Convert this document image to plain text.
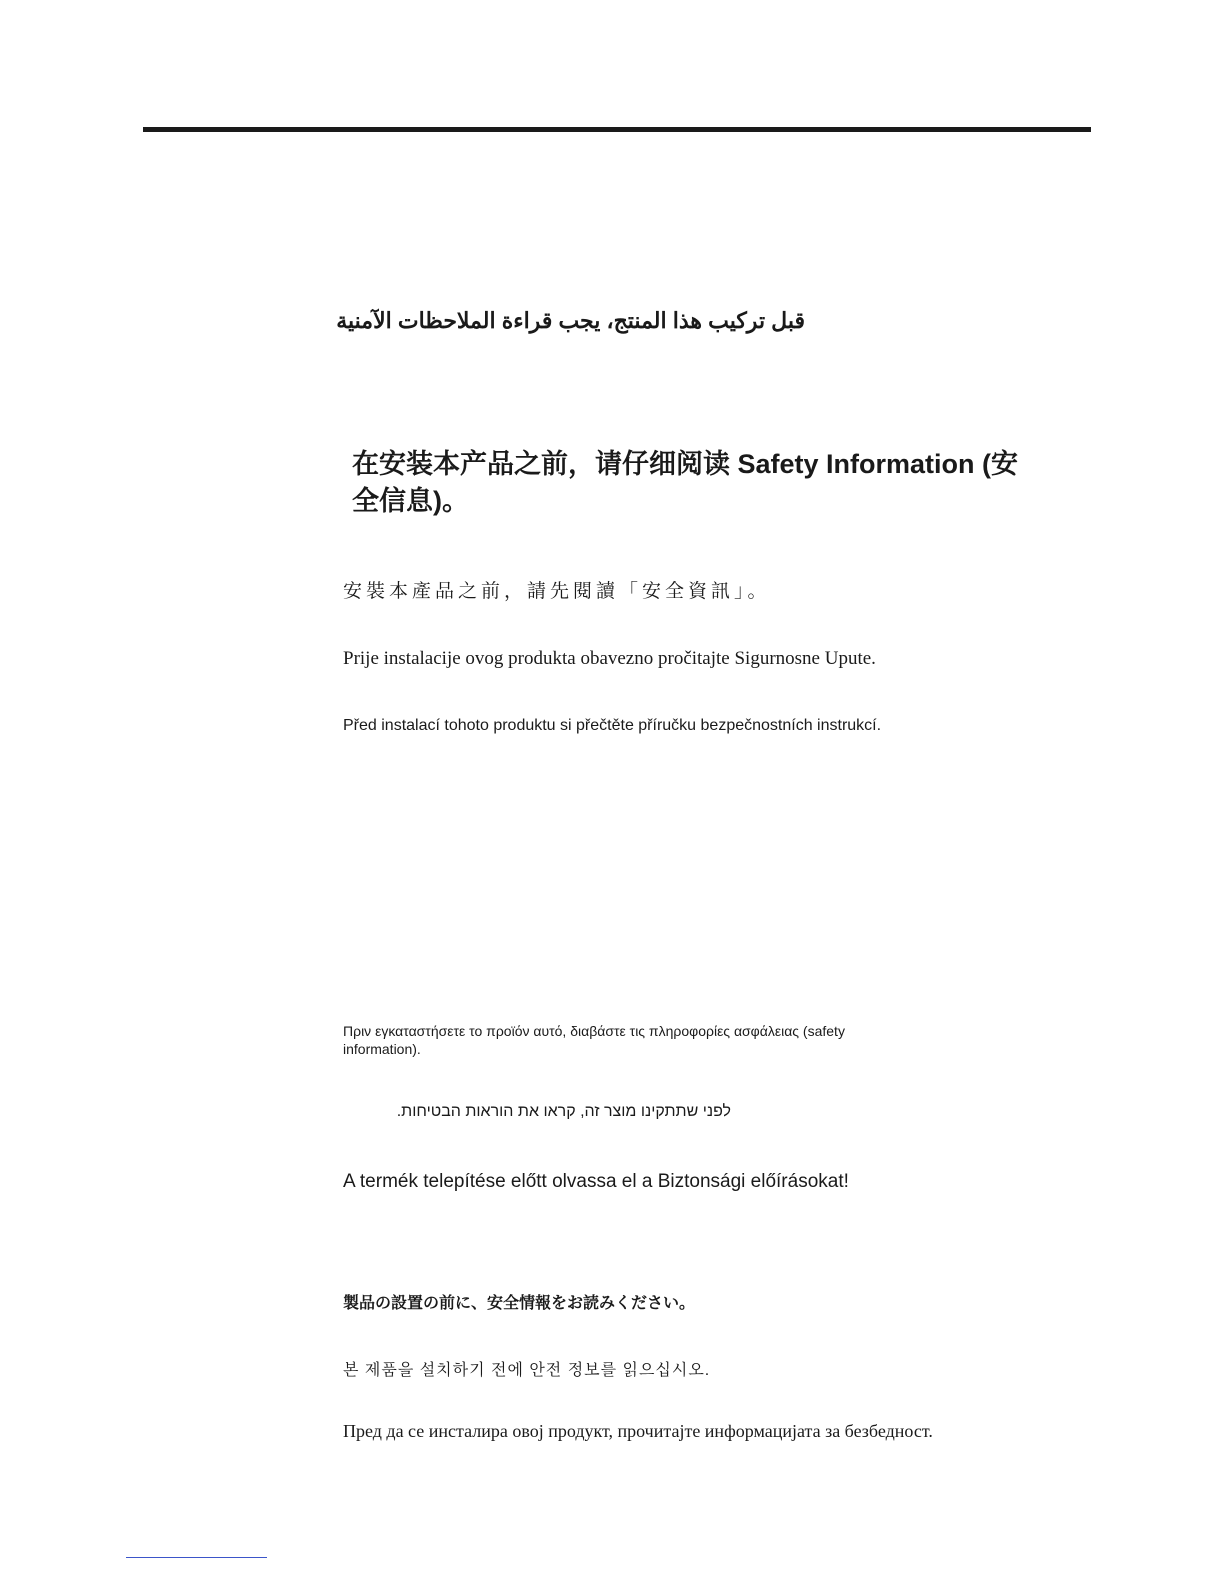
قبل تركيب هذا المنتج، يجب قراءة الملاحظات الآمنية

在安装本产品之前，请仔细阅读 Safety Information (安全信息)。

安裝本產品之前，請先閱讀「安全資訊」。

Prije instalacije ovog produkta obavezno pročitajte Sigurnosne Upute.

Před instalací tohoto produktu si přečtěte příručku bezpečnostních instrukcí.

Πριν εγκαταστήσετε το προϊόν αυτό, διαβάστε τις πληροφορίες ασφάλειας (safety information).

לפני שתתקינו מוצר זה, קראו את הוראות הבטיחות.

A termék telepítése előtt olvassa el a Biztonsági előírásokat!

製品の設置の前に、安全情報をお読みください。

본 제품을 설치하기 전에 안전 정보를 읽으십시오.

Пред да се инсталира овој продукт, прочитајте информацијата за безбедност.
